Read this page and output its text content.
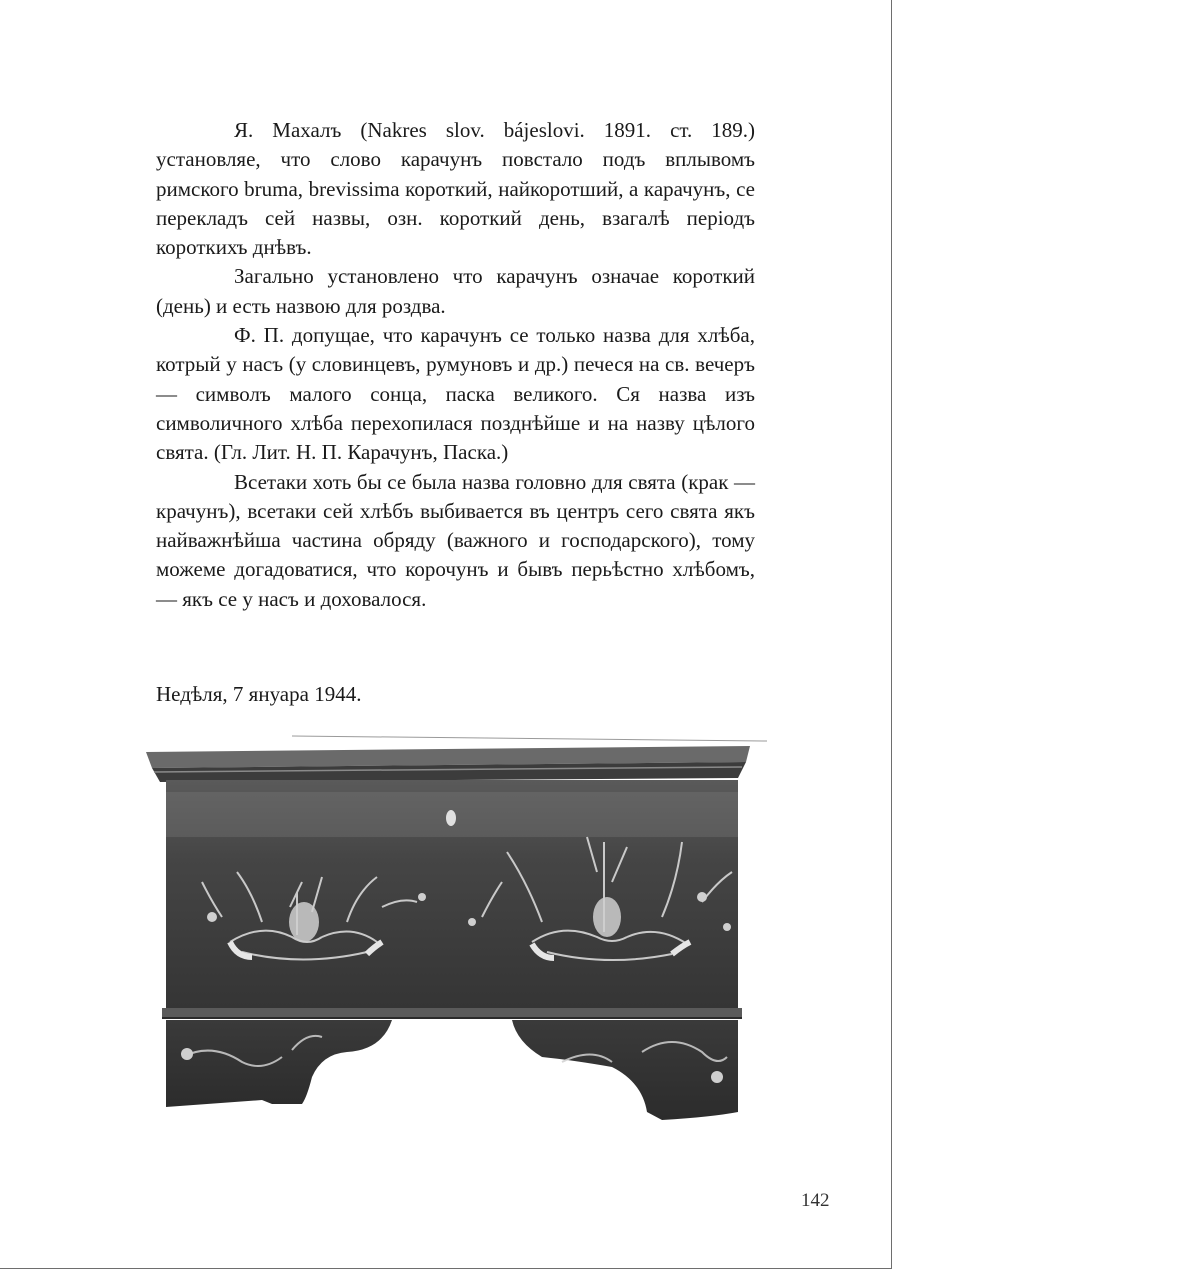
Я. Махалъ (Nakres slov. bájeslovi. 1891. ст. 189.) установляе, что слово карачунъ повстало подъ вплывомъ римского bruma, brevissima короткий, найкоротший, а карачунъ, се перекладъ сей назвы, озн. короткий день, взагалѣ перiодъ короткихъ днѣвъ.

Загально установлено что карачунъ означае короткий (день) и есть назвою для роздва.

Ф. П. допущае, что карачунъ се только назва для хлѣба, котрый у насъ (у словинцевъ, румуновъ и др.) печеся на св. вечеръ — символъ малого сонца, паска великого. Ся назва изъ символичного хлѣба перехопилася позднѣйше и на назву цѣлого свята. (Гл. Лит. Н. П. Карачунъ, Паска.)

Всетаки хоть бы се была назва головно для свята (крак — крачунъ), всетаки сей хлѣбъ выбивается въ центръ сего свята якъ найважнѣйша частина обряду (важного и господарского), тому можеме догадоватися, что корочунъ и бывъ перьѣстно хлѣбомъ, — якъ се у насъ и доховалося.

Недѣля, 7 януара 1944.
142
